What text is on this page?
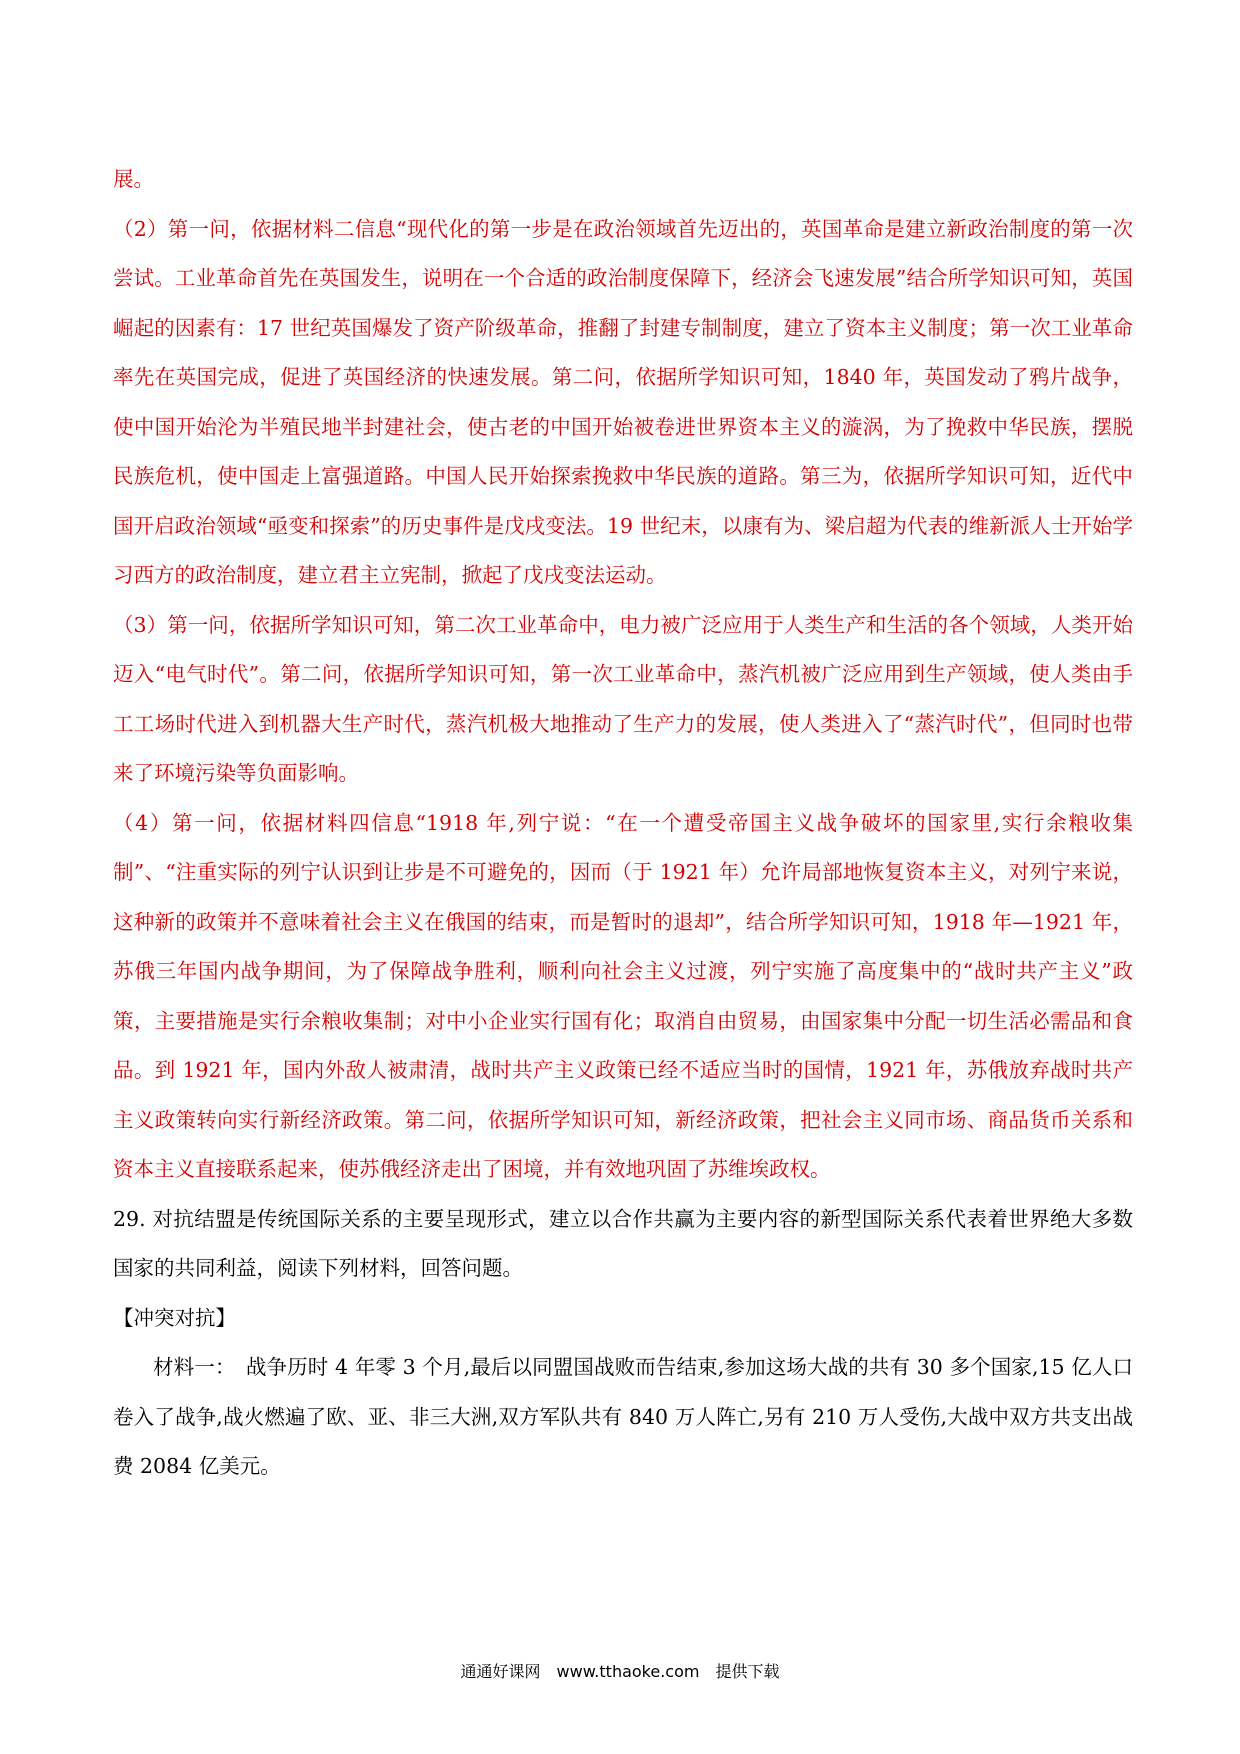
展。

（2）第一问，依据材料二信息“现代化的第一步是在政治领域首先迈出的，英国革命是建立新政治制度的第一次尝试。工业革命首先在英国发生，说明在一个合适的政治制度保障下，经济会飞速发展”结合所学知识可知，英国崛起的因素有：17 世纪英国爆发了资产阶级革命，推翻了封建专制制度，建立了资本主义制度；第一次工业革命率先在英国完成，促进了英国经济的快速发展。第二问，依据所学知识可知，1840 年，英国发动了鸦片战争，使中国开始沦为半殖民地半封建社会，使古老的中国开始被卷进世界资本主义的漩涡，为了挽救中华民族，摆脱民族危机，使中国走上富强道路。中国人民开始探索挽救中华民族的道路。第三为，依据所学知识可知，近代中国开启政治领域“亟变和探索”的历史事件是戊戌变法。19 世纪末，以康有为、梁启超为代表的维新派人士开始学习西方的政治制度，建立君主立宪制，掀起了戊戌变法运动。

（3）第一问，依据所学知识可知，第二次工业革命中，电力被广泛应用于人类生产和生活的各个领域，人类开始迈入“电气时代”。第二问，依据所学知识可知，第一次工业革命中，蒸汽机被广泛应用到生产领域，使人类由手工工场时代进入到机器大生产时代，蒸汽机极大地推动了生产力的发展，使人类进入了“蒸汽时代”，但同时也带来了环境污染等负面影响。

（4）第一问，依据材料四信息“1918 年,列宁说：“在一个遭受帝国主义战争破坏的国家里,实行余粮收集制”、“注重实际的列宁认识到让步是不可避免的，因而（于 1921 年）允许局部地恢复资本主义，对列宁来说，这种新的政策并不意味着社会主义在俄国的结束，而是暂时的退却”，结合所学知识可知，1918 年—1921 年，苏俄三年国内战争期间，为了保障战争胜利，顺利向社会主义过渡，列宁实施了高度集中的“战时共产主义”政策，主要措施是实行余粮收集制；对中小企业实行国有化；取消自由贸易，由国家集中分配一切生活必需品和食品。到 1921 年，国内外敌人被肃清，战时共产主义政策已经不适应当时的国情，1921 年，苏俄放弃战时共产主义政策转向实行新经济政策。第二问，依据所学知识可知，新经济政策，把社会主义同市场、商品货币关系和资本主义直接联系起来，使苏俄经济走出了困境，并有效地巩固了苏维埃政权。

29. 对抗结盟是传统国际关系的主要呈现形式，建立以合作共赢为主要内容的新型国际关系代表着世界绝大多数国家的共同利益，阅读下列材料，回答问题。

【冲突对抗】

材料一：　战争历时 4 年零 3 个月,最后以同盟国战败而告结束,参加这场大战的共有 30 多个国家,15 亿人口卷入了战争,战火燃遍了欧、亚、非三大洲,双方军队共有 840 万人阵亡,另有 210 万人受伤,大战中双方共支出战费 2084 亿美元。

通通好课网　www.tthaoke.com　提供下载
